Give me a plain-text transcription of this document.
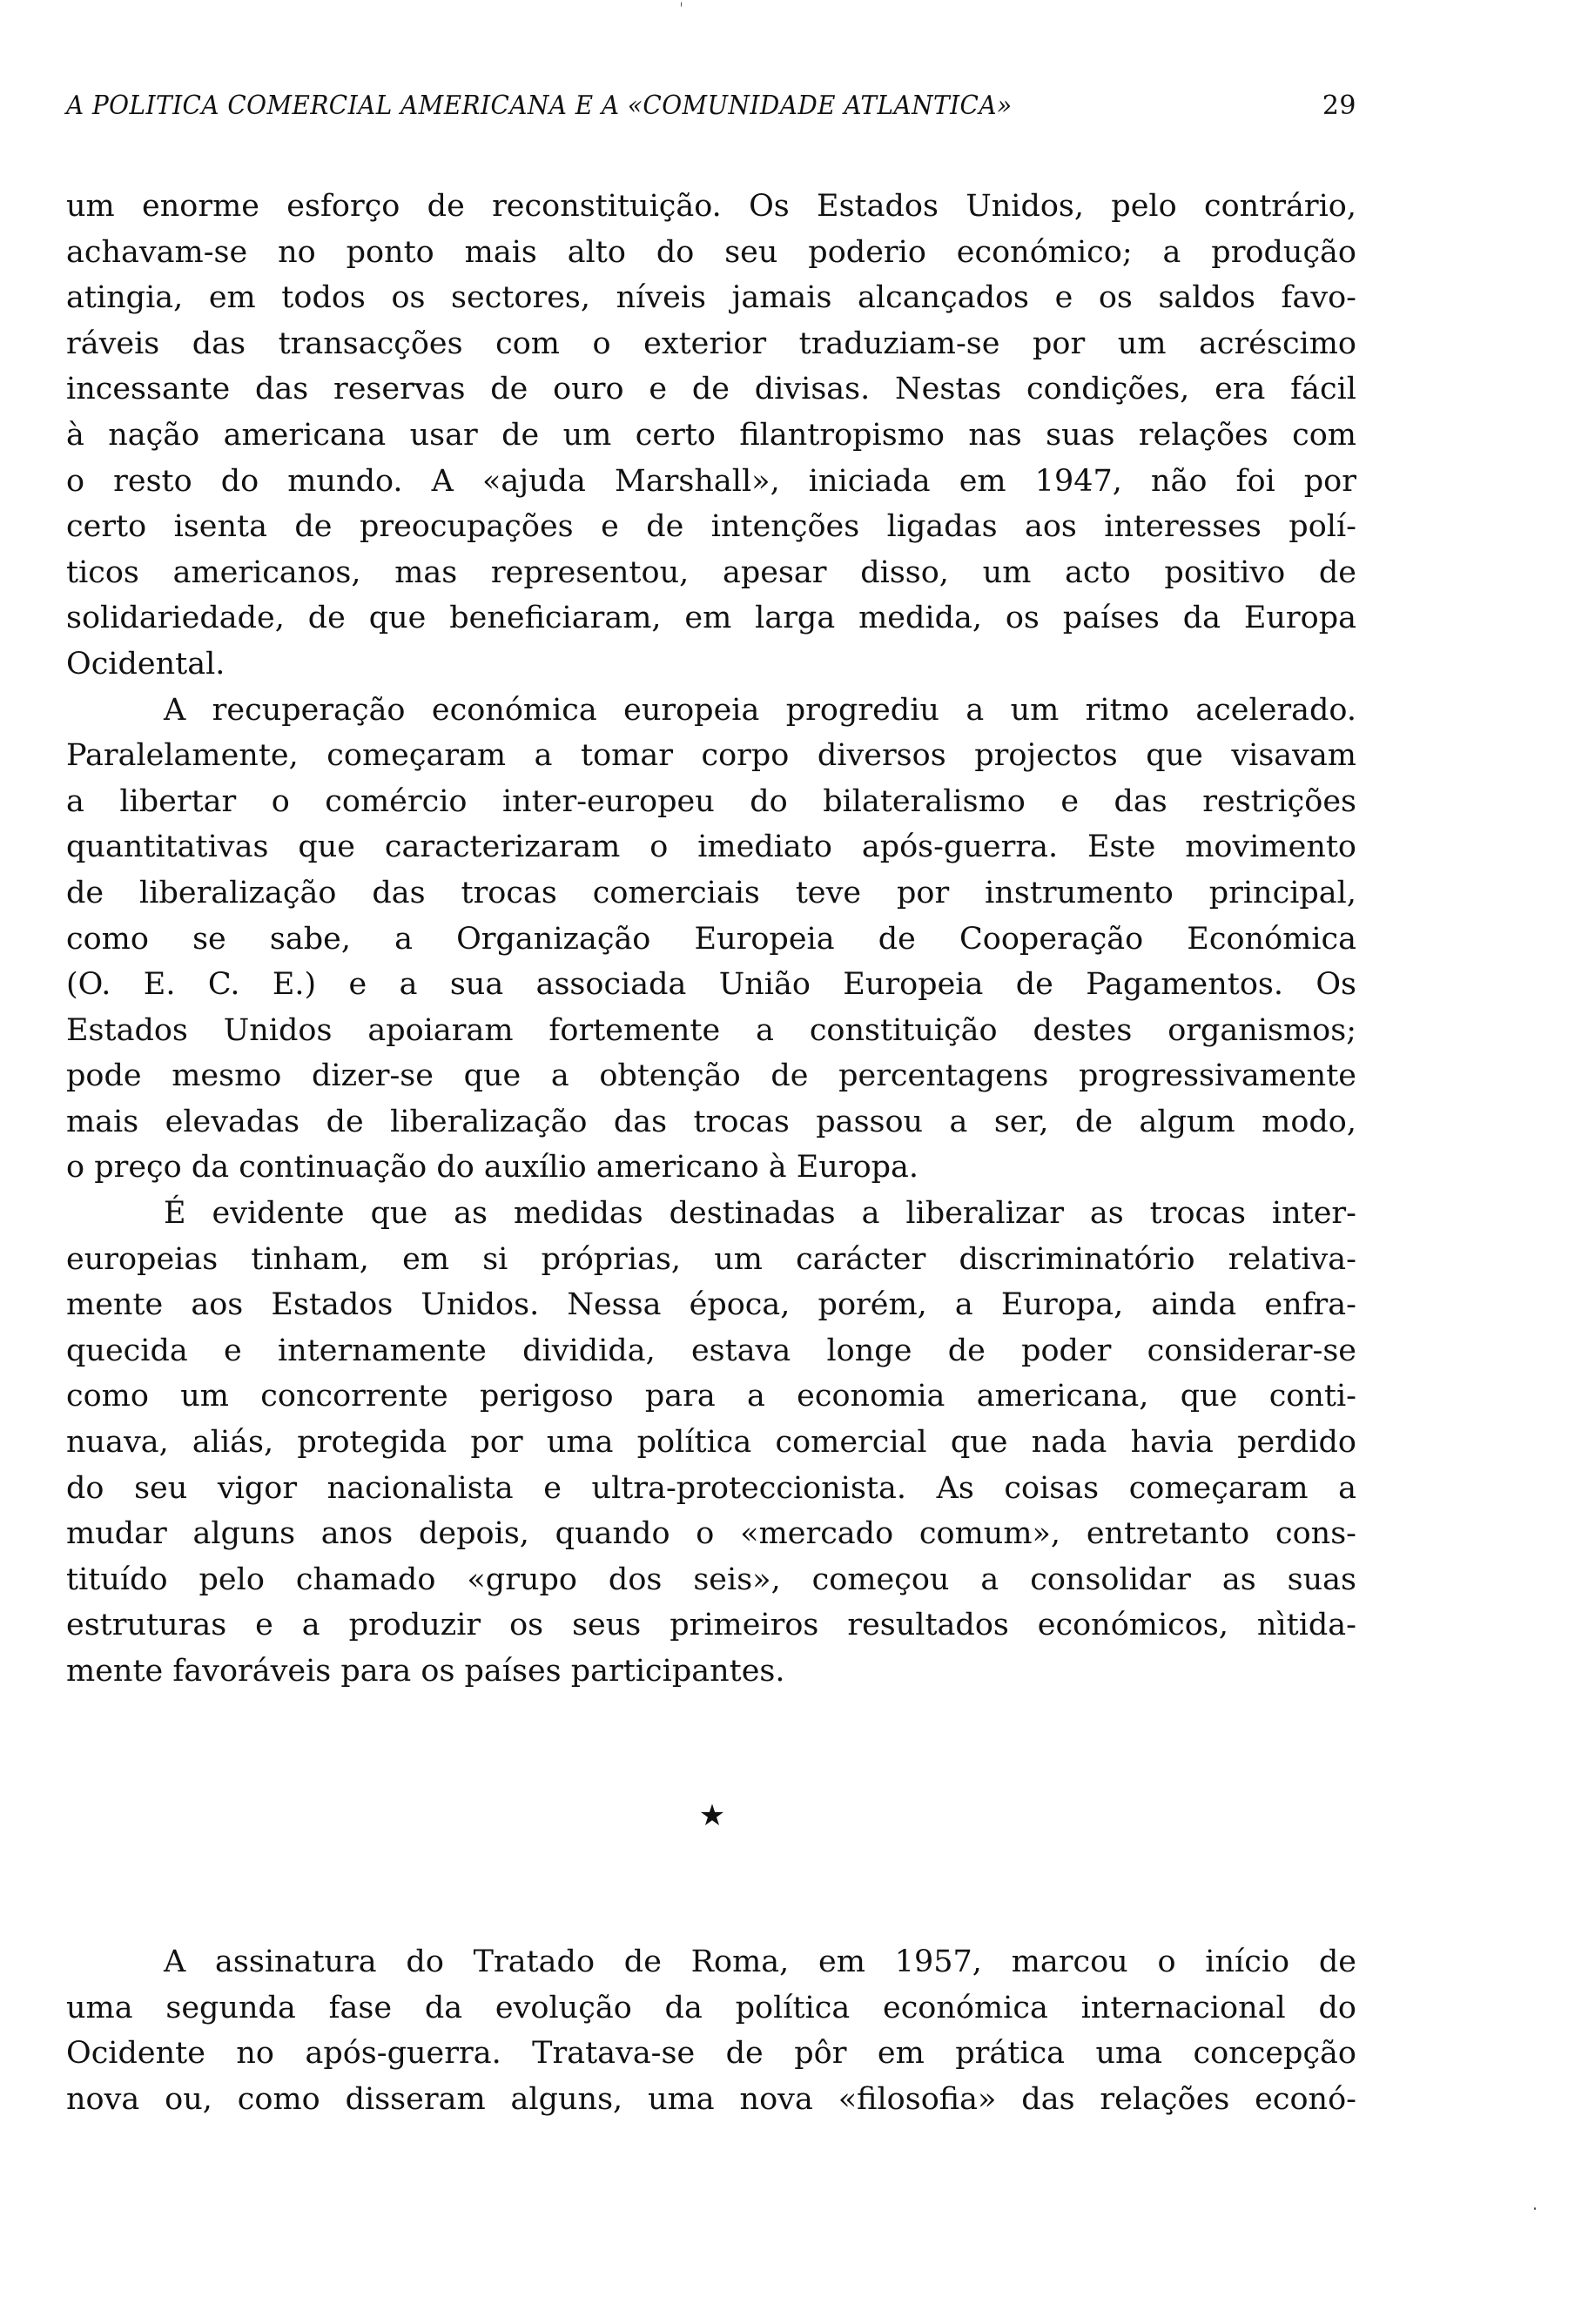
A POLITICA COMERCIAL AMERICANA E A «COMUNIDADE ATLANTICA»	29
um enorme esforço de reconstituição. Os Estados Unidos, pelo contrário,
achavam-se no ponto mais alto do seu poderio económico; a produção
atingia, em todos os sectores, níveis jamais alcançados e os saldos favo-
ráveis das transacções com o exterior traduziam-se por um acréscimo
incessante das reservas de ouro e de divisas. Nestas condições, era fácil
à nação americana usar de um certo filantropismo nas suas relações com
o resto do mundo. A «ajuda Marshall», iniciada em 1947, não foi por
certo isenta de preocupações e de intenções ligadas aos interesses polí-
ticos americanos, mas representou, apesar disso, um acto positivo de
solidariedade, de que beneficiaram, em larga medida, os países da Europa
Ocidental.
A recuperação económica europeia progrediu a um ritmo acelerado.
Paralelamente, começaram a tomar corpo diversos projectos que visavam
a libertar o comércio inter-europeu do bilateralismo e das restrições
quantitativas que caracterizaram o imediato após-guerra. Este movimento
de liberalização das trocas comerciais teve por instrumento principal,
como se sabe, a Organização Europeia de Cooperação Económica
(O. E. C. E.) e a sua associada União Europeia de Pagamentos. Os
Estados Unidos apoiaram fortemente a constituição destes organismos;
pode mesmo dizer-se que a obtenção de percentagens progressivamente
mais elevadas de liberalização das trocas passou a ser, de algum modo,
o preço da continuação do auxílio americano à Europa.
É evidente que as medidas destinadas a liberalizar as trocas inter-
europeias tinham, em si próprias, um carácter discriminatório relativa-
mente aos Estados Unidos. Nessa época, porém, a Europa, ainda enfra-
quecida e internamente dividida, estava longe de poder considerar-se
como um concorrente perigoso para a economia americana, que conti-
nuava, aliás, protegida por uma política comercial que nada havia perdido
do seu vigor nacionalista e ultra-proteccionista. As coisas começaram a
mudar alguns anos depois, quando o «mercado comum», entretanto cons-
tituído pelo chamado «grupo dos seis», começou a consolidar as suas
estruturas e a produzir os seus primeiros resultados económicos, nìtida-
mente favoráveis para os países participantes.
★
A assinatura do Tratado de Roma, em 1957, marcou o início de
uma segunda fase da evolução da política económica internacional do
Ocidente no após-guerra. Tratava-se de pôr em prática uma concepção
nova ou, como disseram alguns, uma nova «filosofia» das relações econó-
